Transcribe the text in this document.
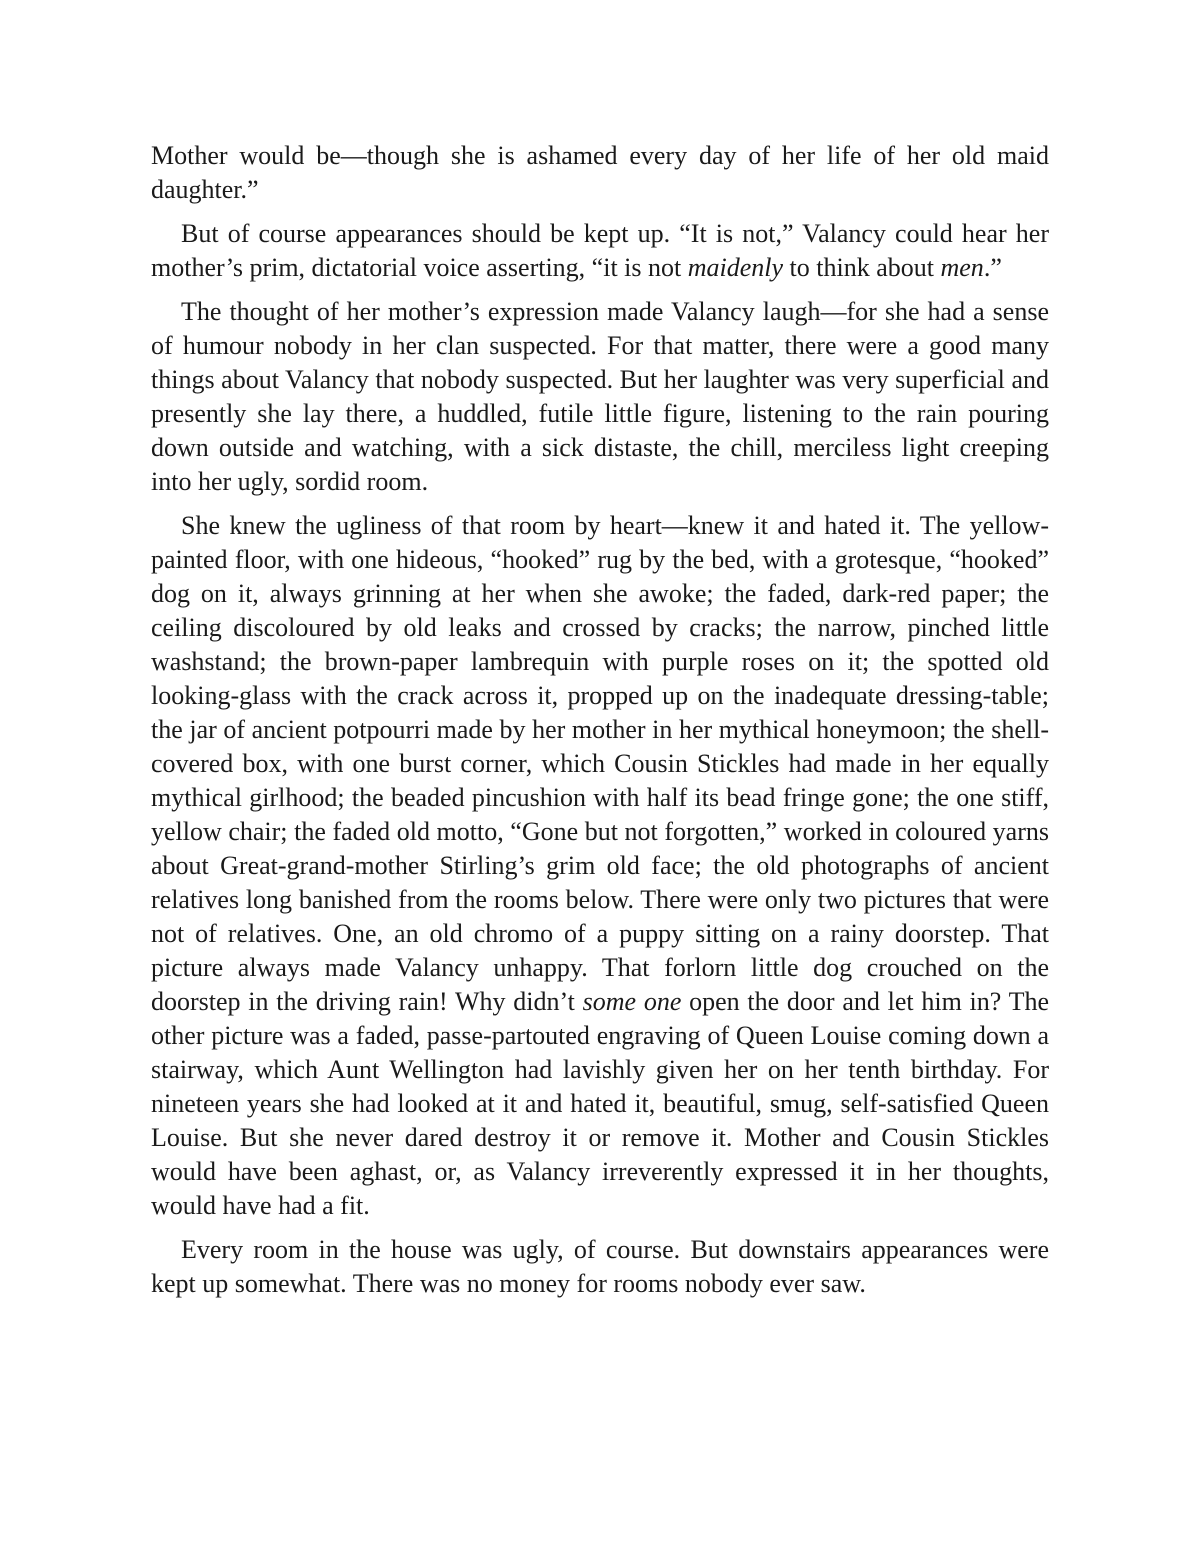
Mother would be—though she is ashamed every day of her life of her old maid daughter.”

But of course appearances should be kept up. “It is not,” Valancy could hear her mother’s prim, dictatorial voice asserting, “it is not maidenly to think about men.”

The thought of her mother’s expression made Valancy laugh—for she had a sense of humour nobody in her clan suspected. For that matter, there were a good many things about Valancy that nobody suspected. But her laughter was very superficial and presently she lay there, a huddled, futile little figure, listening to the rain pouring down outside and watching, with a sick distaste, the chill, merciless light creeping into her ugly, sordid room.

She knew the ugliness of that room by heart—knew it and hated it. The yellow-painted floor, with one hideous, “hooked” rug by the bed, with a grotesque, “hooked” dog on it, always grinning at her when she awoke; the faded, dark-red paper; the ceiling discoloured by old leaks and crossed by cracks; the narrow, pinched little washstand; the brown-paper lambrequin with purple roses on it; the spotted old looking-glass with the crack across it, propped up on the inadequate dressing-table; the jar of ancient potpourri made by her mother in her mythical honeymoon; the shell-covered box, with one burst corner, which Cousin Stickles had made in her equally mythical girlhood; the beaded pincushion with half its bead fringe gone; the one stiff, yellow chair; the faded old motto, “Gone but not forgotten,” worked in coloured yarns about Great-grand-mother Stirling’s grim old face; the old photographs of ancient relatives long banished from the rooms below. There were only two pictures that were not of relatives. One, an old chromo of a puppy sitting on a rainy doorstep. That picture always made Valancy unhappy. That forlorn little dog crouched on the doorstep in the driving rain! Why didn’t some one open the door and let him in? The other picture was a faded, passe-partouted engraving of Queen Louise coming down a stairway, which Aunt Wellington had lavishly given her on her tenth birthday. For nineteen years she had looked at it and hated it, beautiful, smug, self-satisfied Queen Louise. But she never dared destroy it or remove it. Mother and Cousin Stickles would have been aghast, or, as Valancy irreverently expressed it in her thoughts, would have had a fit.

Every room in the house was ugly, of course. But downstairs appearances were kept up somewhat. There was no money for rooms nobody ever saw.
